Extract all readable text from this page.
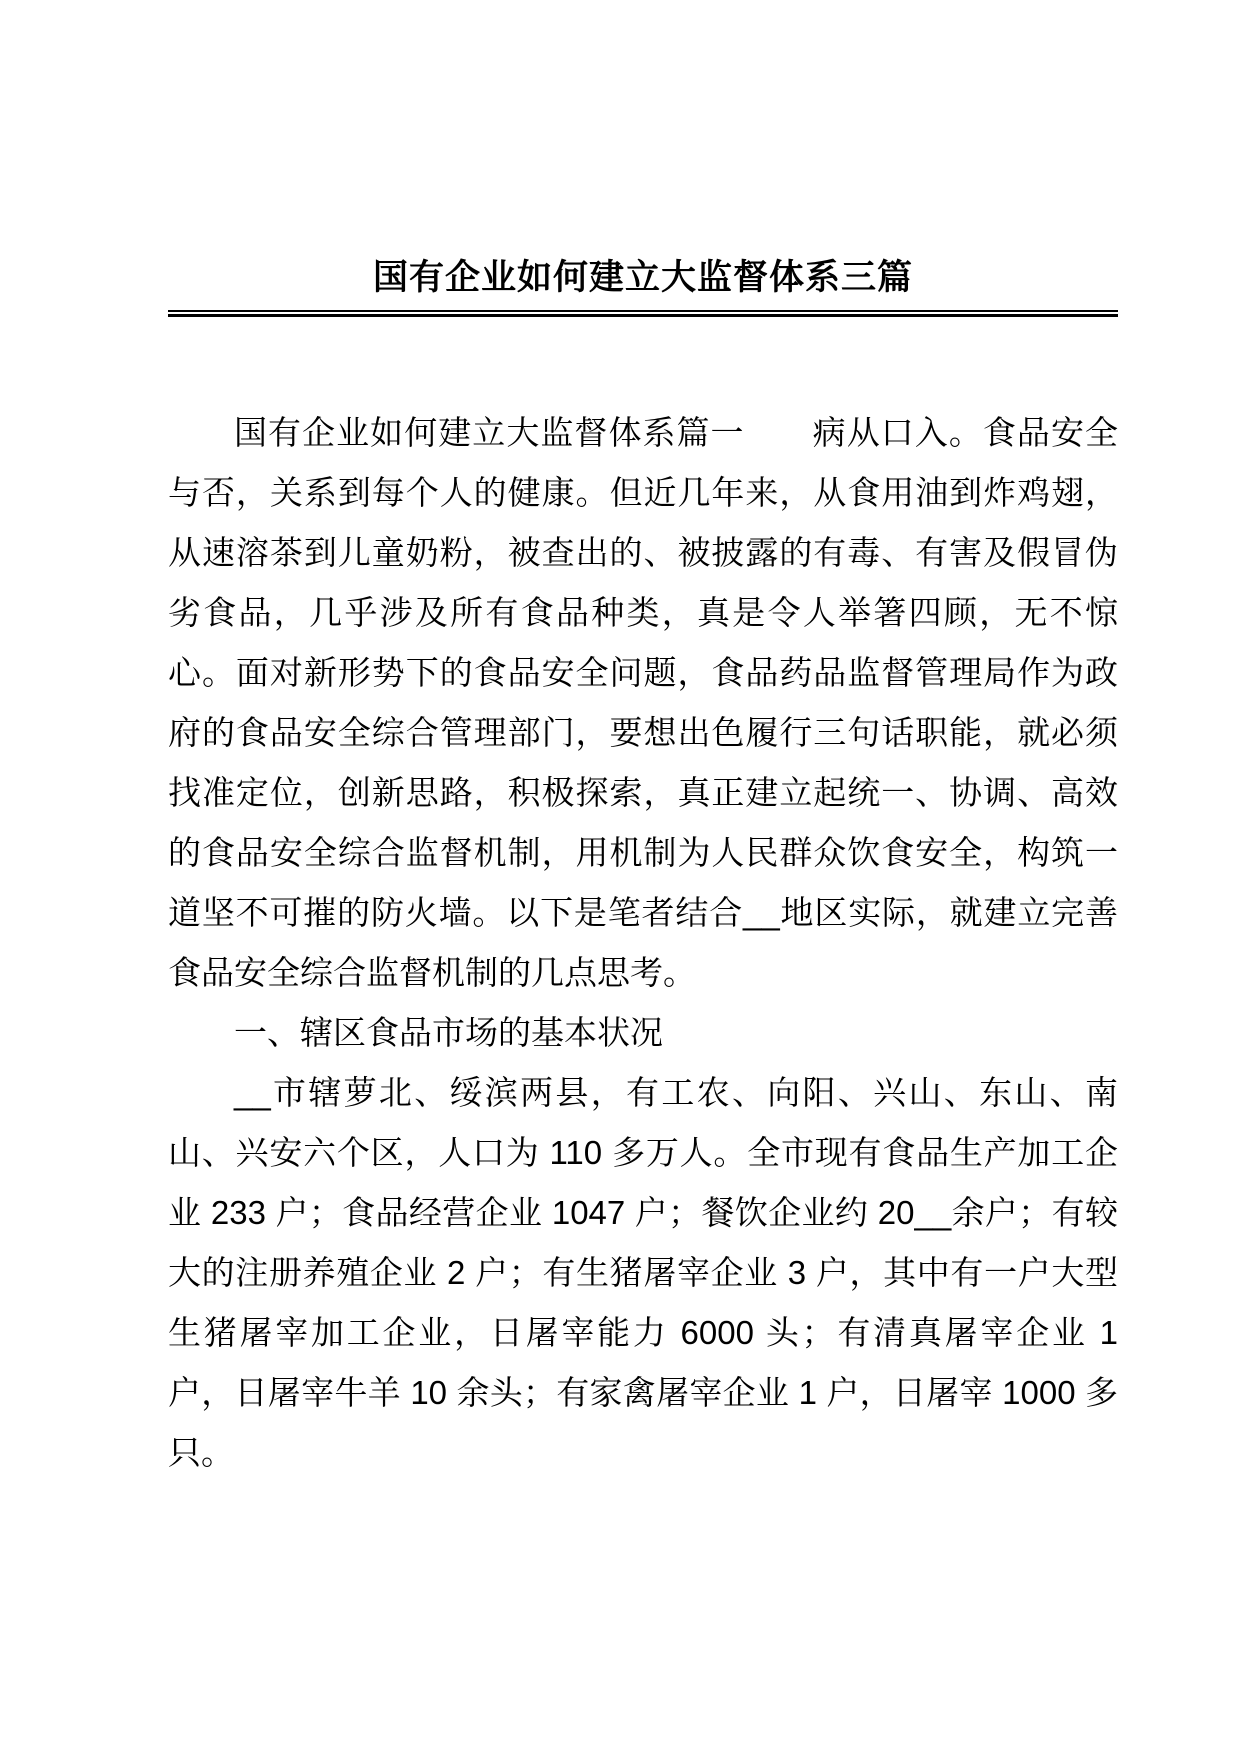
国有企业如何建立大监督体系三篇

国有企业如何建立大监督体系篇一　　病从口入。食品安全与否，关系到每个人的健康。但近几年来，从食用油到炸鸡翅，从速溶茶到儿童奶粉，被查出的、被披露的有毒、有害及假冒伪劣食品，几乎涉及所有食品种类，真是令人举箸四顾，无不惊心。面对新形势下的食品安全问题，食品药品监督管理局作为政府的食品安全综合管理部门，要想出色履行三句话职能，就必须找准定位，创新思路，积极探索，真正建立起统一、协调、高效的食品安全综合监督机制，用机制为人民群众饮食安全，构筑一道坚不可摧的防火墙。以下是笔者结合__地区实际，就建立完善食品安全综合监督机制的几点思考。

一、辖区食品市场的基本状况

__市辖萝北、绥滨两县，有工农、向阳、兴山、东山、南山、兴安六个区，人口为 110 多万人。全市现有食品生产加工企业 233 户；食品经营企业 1047 户；餐饮企业约 20__余户；有较大的注册养殖企业 2 户；有生猪屠宰企业 3 户，其中有一户大型生猪屠宰加工企业，日屠宰能力 6000 头；有清真屠宰企业 1 户，日屠宰牛羊 10 余头；有家禽屠宰企业 1 户，日屠宰 1000 多只。
